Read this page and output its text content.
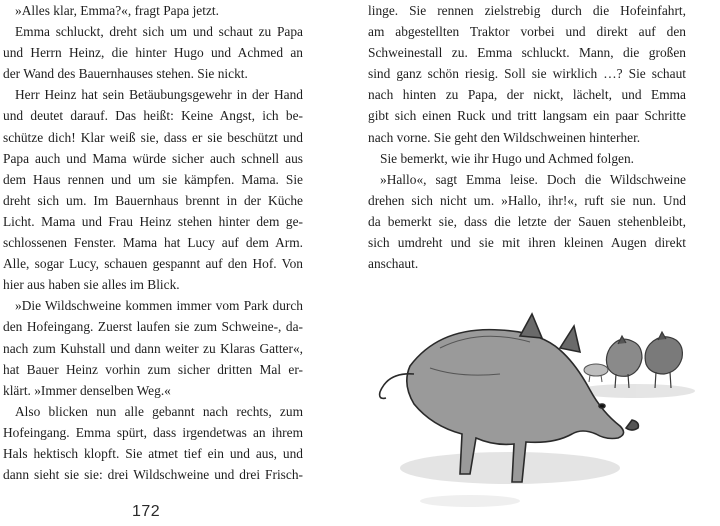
»Alles klar, Emma?«, fragt Papa jetzt.
Emma schluckt, dreht sich um und schaut zu Papa
und Herrn Heinz, die hinter Hugo und Achmed an
der Wand des Bauernhauses stehen. Sie nickt.
Herr Heinz hat sein Betäubungsgewehr in der Hand
und deutet darauf. Das heißt: Keine Angst, ich be-
schütze dich! Klar weiß sie, dass er sie beschützt und
Papa auch und Mama würde sicher auch schnell aus
dem Haus rennen und um sie kämpfen. Mama. Sie
dreht sich um. Im Bauernhaus brennt in der Küche
Licht. Mama und Frau Heinz stehen hinter dem ge-
schlossenen Fenster. Mama hat Lucy auf dem Arm.
Alle, sogar Lucy, schauen gespannt auf den Hof. Von
hier aus haben sie alles im Blick.
»Die Wildschweine kommen immer vom Park durch
den Hofeingang. Zuerst laufen sie zum Schweine-, da-
nach zum Kuhstall und dann weiter zu Klaras Gatter«,
hat Bauer Heinz vorhin zum sicher dritten Mal er-
klärt. »Immer denselben Weg.«
Also blicken nun alle gebannt nach rechts, zum
Hofeingang. Emma spürt, dass irgendetwas an ihrem
Hals hektisch klopft. Sie atmet tief ein und aus, und
dann sieht sie sie: drei Wildschweine und drei Frisch-
linge. Sie rennen zielstrebig durch die Hofeinfahrt,
am abgestellten Traktor vorbei und direkt auf den
Schweinestall zu. Emma schluckt. Mann, die großen
sind ganz schön riesig. Soll sie wirklich …? Sie schaut
nach hinten zu Papa, der nickt, lächelt, und Emma
gibt sich einen Ruck und tritt langsam ein paar Schritte
nach vorne. Sie geht den Wildschweinen hinterher.
Sie bemerkt, wie ihr Hugo und Achmed folgen.
»Hallo«, sagt Emma leise. Doch die Wildschweine
drehen sich nicht um. »Hallo, ihr!«, ruft sie nun. Und
da bemerkt sie, dass die letzte der Sauen stehenbleibt,
sich umdreht und sie mit ihren kleinen Augen direkt
anschaut.
172
